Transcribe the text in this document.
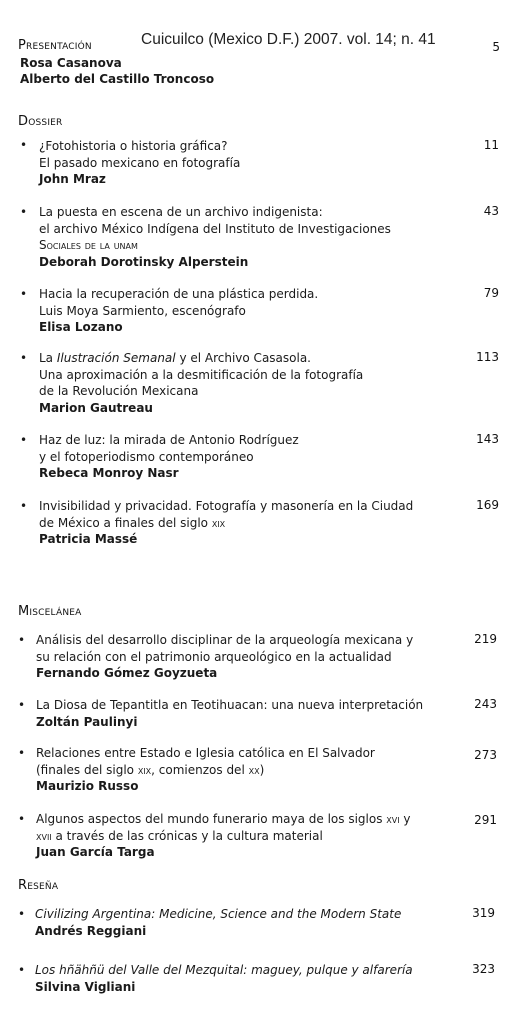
Cuicuilco (Mexico D.F.) 2007. vol. 14; n. 41
Presentación	5
Rosa Casanova
Alberto del Castillo Troncoso
Dossier
• ¿Fotohistoria o historia gráfica?
El pasado mexicano en fotografía
John Mraz
11
• La puesta en escena de un archivo indigenista:
el archivo México Indígena del Instituto de Investigaciones
Sociales de la unam
Deborah Dorotinsky Alperstein
43
• Hacia la recuperación de una plástica perdida.
Luis Moya Sarmiento, escenógrafo
Elisa Lozano
79
• La Ilustración Semanal y el Archivo Casasola.
Una aproximación a la desmitificación de la fotografía
de la Revolución Mexicana
Marion Gautreau
113
• Haz de luz: la mirada de Antonio Rodríguez
y el fotoperiodismo contemporáneo
Rebeca Monroy Nasr
143
• Invisibilidad y privacidad. Fotografía y masonería en la Ciudad
de México a finales del siglo xix
Patricia Massé
169
Miscelánea
• Análisis del desarrollo disciplinar de la arqueología mexicana y
su relación con el patrimonio arqueológico en la actualidad
Fernando Gómez Goyzueta
219
• La Diosa de Tepantitla en Teotihuacan: una nueva interpretación
Zoltán Paulinyi
243
• Relaciones entre Estado e Iglesia católica en El Salvador
(finales del siglo xix, comienzos del xx)
Maurizio Russo
273
• Algunos aspectos del mundo funerario maya de los siglos xvi y
xvii a través de las crónicas y la cultura material
Juan García Targa
291
Reseña
• Civilizing Argentina: Medicine, Science and the Modern State
Andrés Reggiani
319
• Los hñähñü del Valle del Mezquital: maguey, pulque y alfarería
Silvina Vigliani
323
